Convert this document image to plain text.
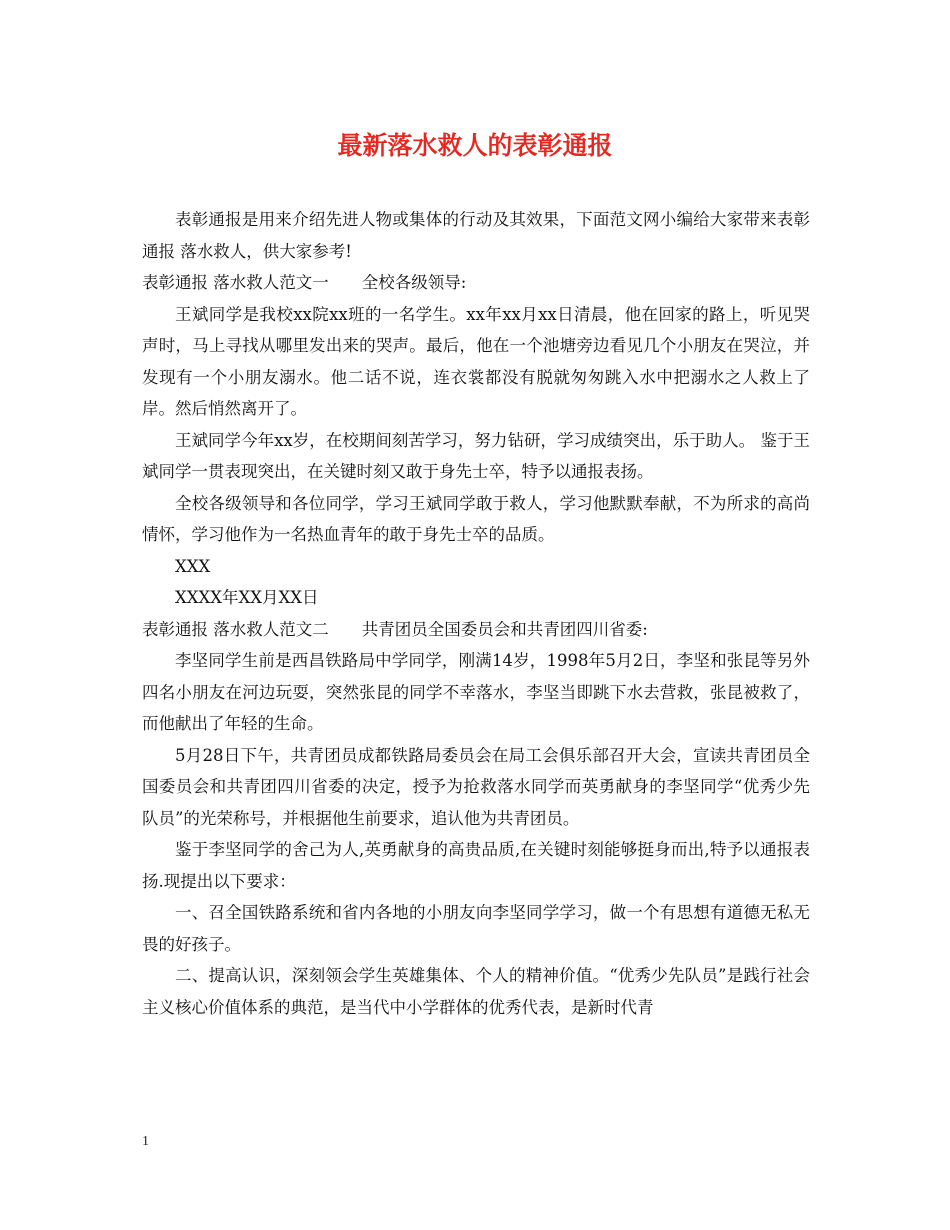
最新落水救人的表彰通报

表彰通报是用来介绍先进人物或集体的行动及其效果，下面范文网小编给大家带来表彰通报 落水救人，供大家参考!

表彰通报 落水救人范文一　　全校各级领导:

王斌同学是我校xx院xx班的一名学生。xx年xx月xx日清晨，他在回家的路上，听见哭声时，马上寻找从哪里发出来的哭声。最后，他在一个池塘旁边看见几个小朋友在哭泣，并发现有一个小朋友溺水。他二话不说，连衣裳都没有脱就匆匆跳入水中把溺水之人救上了岸。然后悄然离开了。

王斌同学今年xx岁，在校期间刻苦学习，努力钻研，学习成绩突出，乐于助人。 鉴于王斌同学一贯表现突出，在关键时刻又敢于身先士卒，特予以通报表扬。

全校各级领导和各位同学，学习王斌同学敢于救人，学习他默默奉献，不为所求的高尚情怀，学习他作为一名热血青年的敢于身先士卒的品质。

XXX

XXXX年XX月XX日

表彰通报 落水救人范文二　　共青团员全国委员会和共青团四川省委:

李坚同学生前是西昌铁路局中学同学，刚满14岁，1998年5月2日，李坚和张昆等另外四名小朋友在河边玩耍，突然张昆的同学不幸落水，李坚当即跳下水去营救，张昆被救了，而他献出了年轻的生命。

5月28日下午，共青团员成都铁路局委员会在局工会俱乐部召开大会，宣读共青团员全国委员会和共青团四川省委的决定，授予为抢救落水同学而英勇献身的李坚同学“优秀少先队员”的光荣称号，并根据他生前要求，追认他为共青团员。

鉴于李坚同学的舍己为人,英勇献身的高贵品质,在关键时刻能够挺身而出,特予以通报表扬.现提出以下要求：

一、召全国铁路系统和省内各地的小朋友向李坚同学学习，做一个有思想有道德无私无畏的好孩子。

二、提高认识，深刻领会学生英雄集体、个人的精神价值。“优秀少先队员”是践行社会主义核心价值体系的典范，是当代中小学群体的优秀代表，是新时代青

1
